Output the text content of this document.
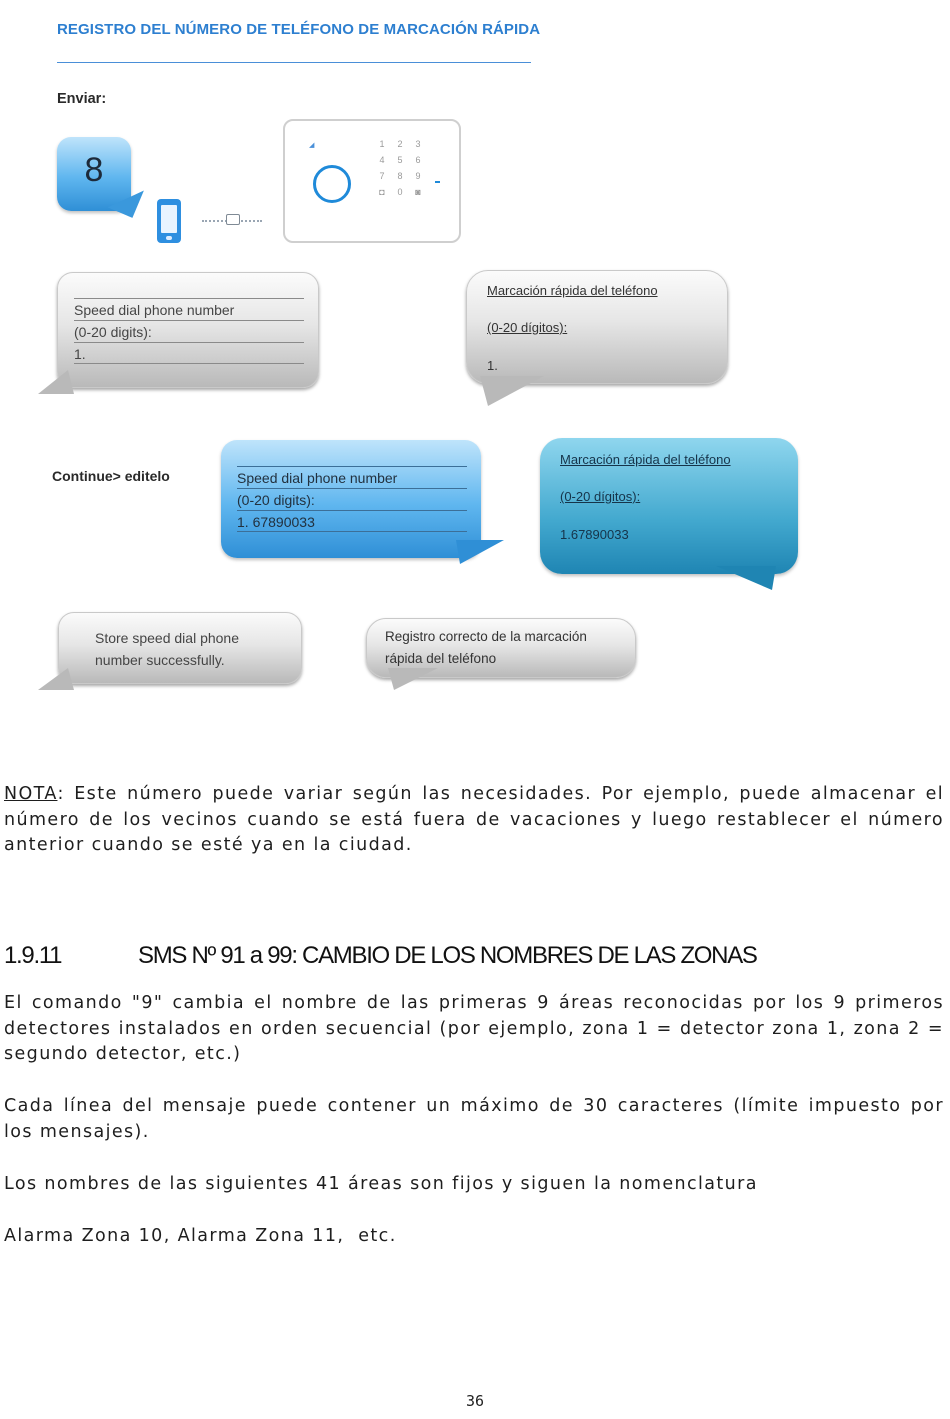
REGISTRO DEL NÚMERO DE TELÉFONO DE MARCACIÓN RÁPIDA
Enviar:
8
◢	1	2	3
4	5	6
7	8	9
◘	0	◙
Speed dial phone number
(0-20 digits):
1.
Marcación rápida del teléfono
(0-20 dígitos):
1.
Continue> editelo	Speed dial phone number
(0-20 digits):
1. 67890033
Marcación rápida del teléfono
(0-20 dígitos):
1.67890033
Store speed dial phone
number successfully.
Registro correcto de la marcación
rápida del teléfono
NOTA: Este número puede variar según las necesidades. Por ejemplo, puede almacenar el número de los vecinos cuando se está fuera de vacaciones y luego restablecer el número anterior cuando se esté ya en la ciudad.
1.9.11	SMS Nº 91 a 99: CAMBIO DE LOS NOMBRES DE LAS ZONAS
El comando "9" cambia el nombre de las primeras 9 áreas reconocidas por los 9 primeros detectores instalados en orden secuencial (por ejemplo, zona 1 = detector zona 1, zona 2 = segundo detector, etc.)
Cada línea del mensaje puede contener un máximo de 30 caracteres (límite impuesto por los mensajes).
Los nombres de las siguientes 41 áreas son fijos y siguen la nomenclatura
Alarma Zona 10, Alarma Zona 11,  etc.
36
